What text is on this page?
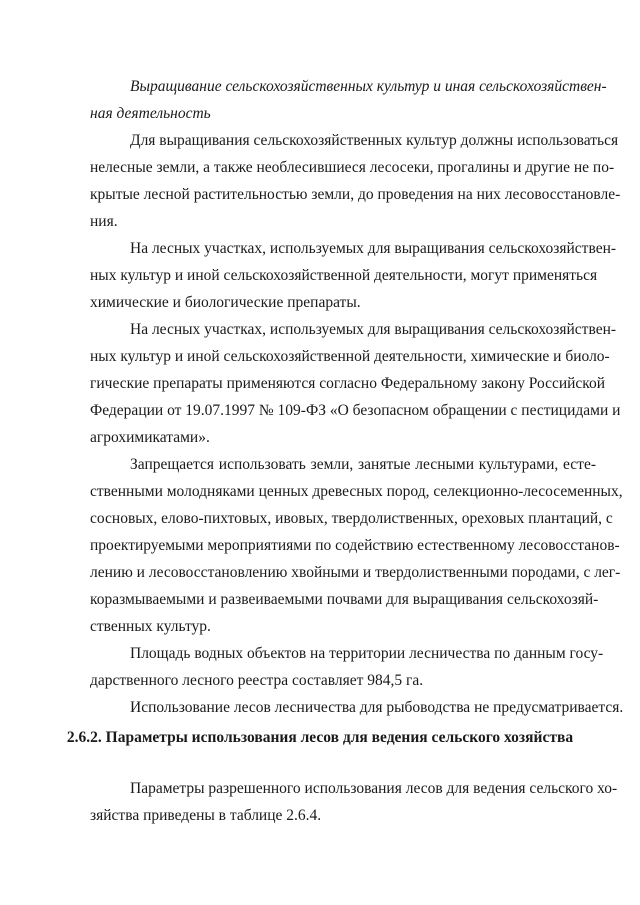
Выращивание сельскохозяйственных культур и иная сельскохозяйствен-
ная деятельность
Для выращивания сельскохозяйственных культур должны использоваться
нелесные земли, а также необлесившиеся лесосеки, прогалины и другие не по-
крытые лесной растительностью земли, до проведения на них лесовосстановле-
ния.
На лесных участках, используемых для выращивания сельскохозяйствен-
ных культур и иной сельскохозяйственной деятельности, могут применяться
химические и биологические препараты.
На лесных участках, используемых для выращивания сельскохозяйствен-
ных культур и иной сельскохозяйственной деятельности, химические и биоло-
гические препараты применяются согласно Федеральному закону Российской
Федерации от 19.07.1997 № 109-ФЗ «О безопасном обращении с пестицидами и
агрохимикатами».
Запрещается использовать земли, занятые лесными культурами, есте-
ственными молодняками ценных древесных пород, селекционно-лесосеменных,
сосновых, елово-пихтовых, ивовых, твердолиственных, ореховых плантаций, с
проектируемыми мероприятиями по содействию естественному лесовосстанов-
лению и лесовосстановлению хвойными и твердолиственными породами, с лег-
коразмываемыми и развеиваемыми почвами для выращивания сельскохозяй-
ственных культур.
Площадь водных объектов на территории лесничества по данным госу-
дарственного лесного реестра составляет 984,5 га.
Использование лесов лесничества для рыбоводства не предусматривается.
2.6.2. Параметры использования лесов для ведения сельского хозяйства
Параметры разрешенного использования лесов для ведения сельского хо-
зяйства приведены в таблице 2.6.4.
